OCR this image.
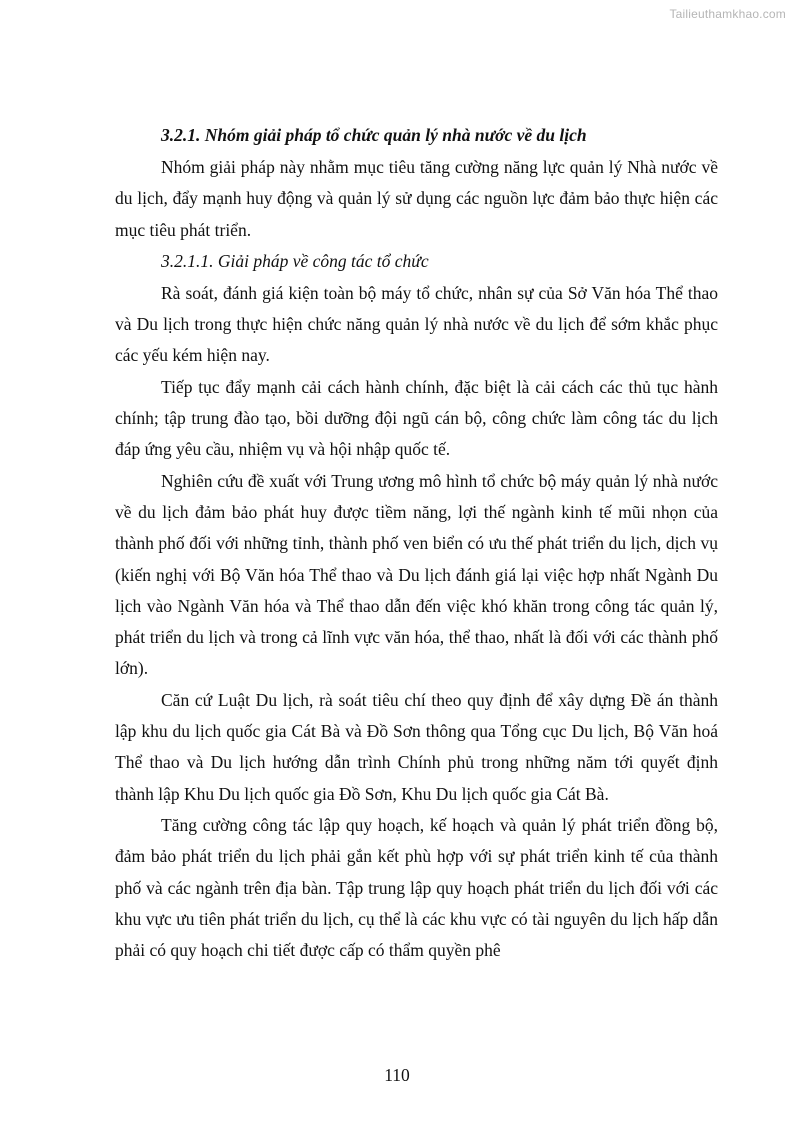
Tailieuthamkhao.com
3.2.1. Nhóm giải pháp tổ chức quản lý nhà nước về du lịch

Nhóm giải pháp này nhằm mục tiêu tăng cường năng lực quản lý Nhà nước về du lịch, đẩy mạnh huy động và quản lý sử dụng các nguồn lực đảm bảo thực hiện các mục tiêu phát triển.

3.2.1.1. Giải pháp về công tác tổ chức

Rà soát, đánh giá kiện toàn bộ máy tổ chức, nhân sự của Sở Văn hóa Thể thao và Du lịch trong thực hiện chức năng quản lý nhà nước về du lịch để sớm khắc phục các yếu kém hiện nay.

Tiếp tục đẩy mạnh cải cách hành chính, đặc biệt là cải cách các thủ tục hành chính; tập trung đào tạo, bồi dưỡng đội ngũ cán bộ, công chức làm công tác du lịch đáp ứng yêu cầu, nhiệm vụ và hội nhập quốc tế.

Nghiên cứu đề xuất với Trung ương mô hình tổ chức bộ máy quản lý nhà nước về du lịch đảm bảo phát huy được tiềm năng, lợi thế ngành kinh tế mũi nhọn của thành phố đối với những tỉnh, thành phố ven biển có ưu thế phát triển du lịch, dịch vụ (kiến nghị với Bộ Văn hóa Thể thao và Du lịch đánh giá lại việc hợp nhất Ngành Du lịch vào Ngành Văn hóa và Thể thao dẫn đến việc khó khăn trong công tác quản lý, phát triển du lịch và trong cả lĩnh vực văn hóa, thể thao, nhất là đối với các thành phố lớn).

Căn cứ Luật Du lịch, rà soát tiêu chí theo quy định để xây dựng Đề án thành lập khu du lịch quốc gia Cát Bà và Đồ Sơn thông qua Tổng cục Du lịch, Bộ Văn hoá Thể thao và Du lịch hướng dẫn trình Chính phủ trong những năm tới quyết định thành lập Khu Du lịch quốc gia Đồ Sơn, Khu Du lịch quốc gia Cát Bà.

Tăng cường công tác lập quy hoạch, kế hoạch và quản lý phát triển đồng bộ, đảm bảo phát triển du lịch phải gắn kết phù hợp với sự phát triển kinh tế của thành phố và các ngành trên địa bàn. Tập trung lập quy hoạch phát triển du lịch đối với các khu vực ưu tiên phát triển du lịch, cụ thể là các khu vực có tài nguyên du lịch hấp dẫn phải có quy hoạch chi tiết được cấp có thẩm quyền phê

110
